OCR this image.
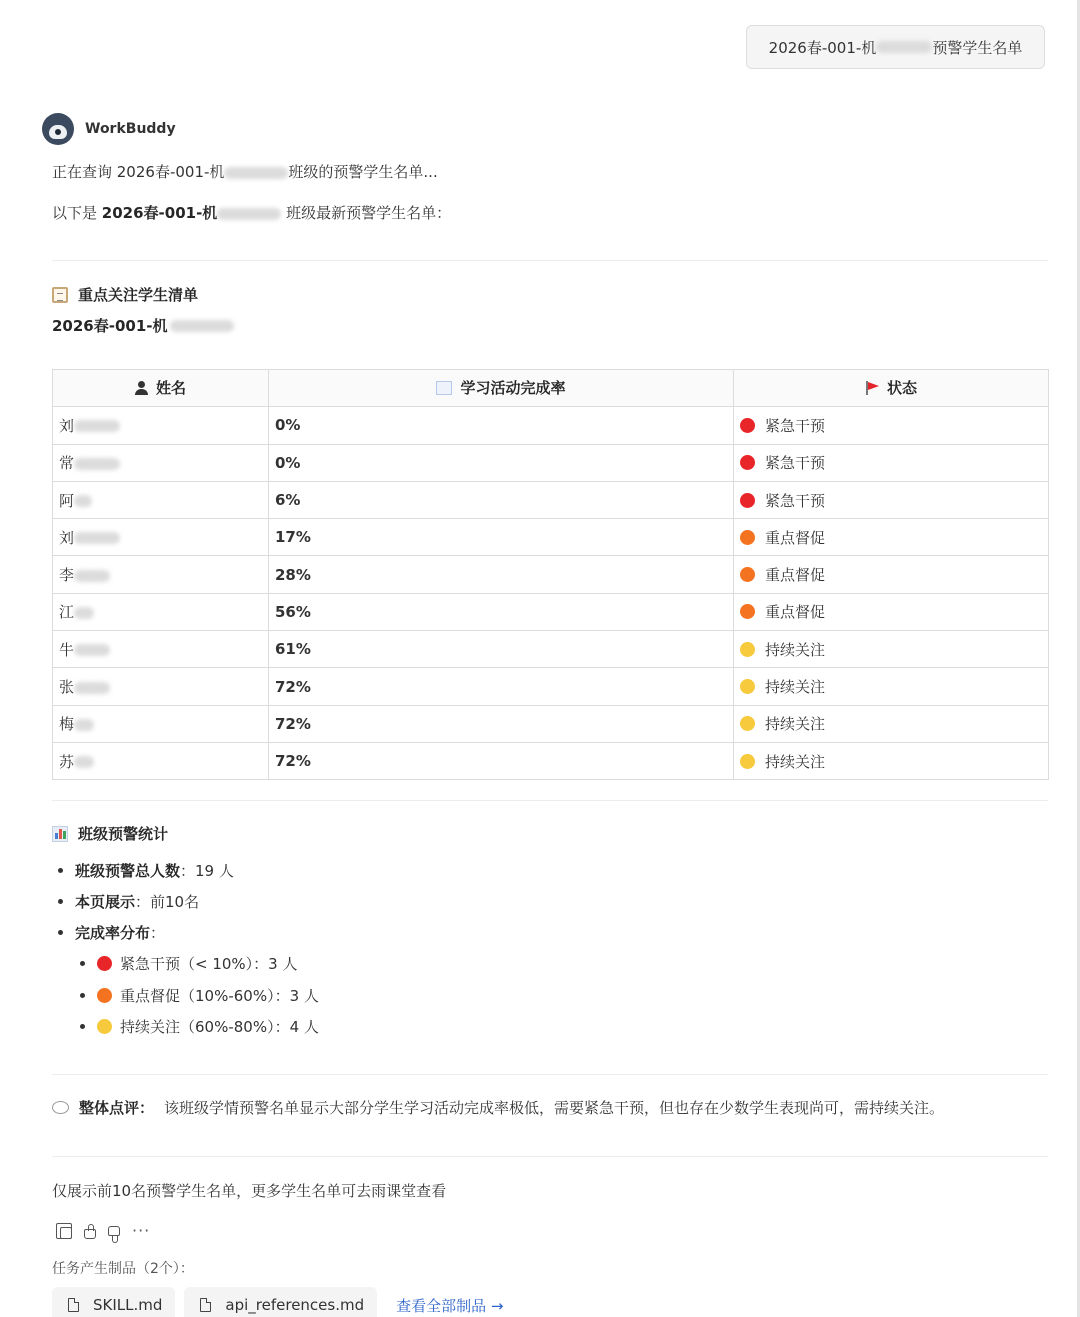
2026春-001-机	预警学生名单
WorkBuddy
正在查询 2026春-001-机	班级的预警学生名单...
以下是 2026春-001-机	班级最新预警学生名单：
重点关注学生清单
2026春-001-机
姓名	学习活动完成率	状态

刘	0%	紧急干预
常	0%	紧急干预
阿	6%	紧急干预
刘	17%	重点督促
李	28%	重点督促
江	56%	重点督促
牛	61%	持续关注
张	72%	持续关注
梅	72%	持续关注
苏	72%	持续关注
班级预警统计
班级预警总人数 ：19 人
本页展示 ：前10名
完成率分布 ：
紧急干预（< 10%）：3 人
重点督促（10%-60%）：3 人
持续关注（60%-80%）：4 人
整体点评： 该班级学情预警名单显示大部分学生学习活动完成率极低，需要紧急干预，但也存在少数学生表现尚可，需持续关注。
仅展示前10名预警学生名单，更多学生名单可去雨课堂查看
···
任务产生制品（2个）：
SKILL.md	api_references.md 查看全部制品 →
